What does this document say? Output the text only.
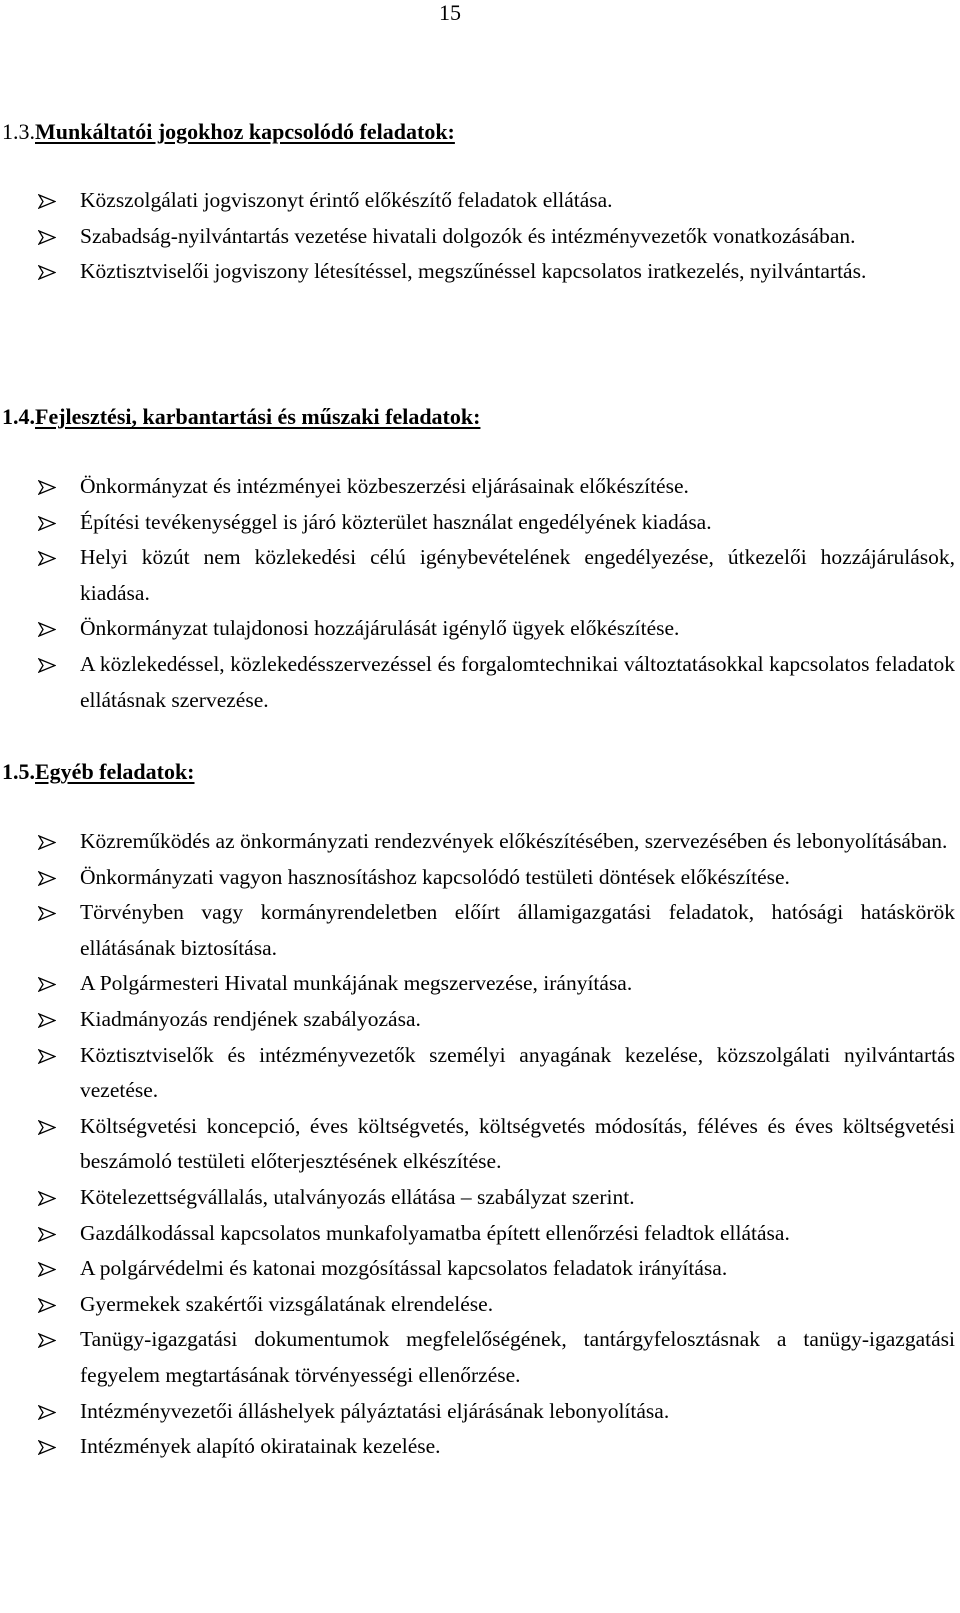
15
1.3.Munkáltatói jogokhoz kapcsolódó feladatok:
Közszolgálati jogviszonyt érintő előkészítő feladatok ellátása.
Szabadság-nyilvántartás vezetése hivatali dolgozók és intézményvezetők vonatkozásában.
Köztisztviselői jogviszony létesítéssel, megszűnéssel kapcsolatos iratkezelés, nyilvántartás.
1.4.Fejlesztési, karbantartási és műszaki feladatok:
Önkormányzat és intézményei közbeszerzési eljárásainak előkészítése.
Építési tevékenységgel is járó közterület használat engedélyének kiadása.
Helyi közút nem közlekedési célú igénybevételének engedélyezése, útkezelői hozzájárulások, kiadása.
Önkormányzat tulajdonosi hozzájárulását igénylő ügyek előkészítése.
A közlekedéssel, közlekedésszervezéssel és forgalomtechnikai változtatásokkal kapcsolatos feladatok ellátásnak szervezése.
1.5.Egyéb feladatok:
Közreműködés az önkormányzati rendezvények előkészítésében, szervezésében és lebonyolításában.
Önkormányzati vagyon hasznosításhoz kapcsolódó testületi döntések előkészítése.
Törvényben vagy kormányrendeletben előírt államigazgatási feladatok, hatósági hatáskörök ellátásának biztosítása.
A Polgármesteri Hivatal munkájának megszervezése, irányítása.
Kiadmányozás rendjének szabályozása.
Köztisztviselők és intézményvezetők személyi anyagának kezelése, közszolgálati nyilvántartás vezetése.
Költségvetési koncepció, éves költségvetés, költségvetés módosítás, féléves és éves költségvetési beszámoló testületi előterjesztésének elkészítése.
Kötelezettségvállalás, utalványozás ellátása – szabályzat szerint.
Gazdálkodással kapcsolatos munkafolyamatba épített ellenőrzési feladtok ellátása.
A polgárvédelmi és katonai mozgósítással kapcsolatos feladatok irányítása.
Gyermekek szakértői vizsgálatának elrendelése.
Tanügy-igazgatási dokumentumok megfelelőségének, tantárgyfelosztásnak a tanügy-igazgatási fegyelem megtartásának törvényességi ellenőrzése.
Intézményvezetői álláshelyek pályáztatási eljárásának lebonyolítása.
Intézmények alapító okiratainak kezelése.
